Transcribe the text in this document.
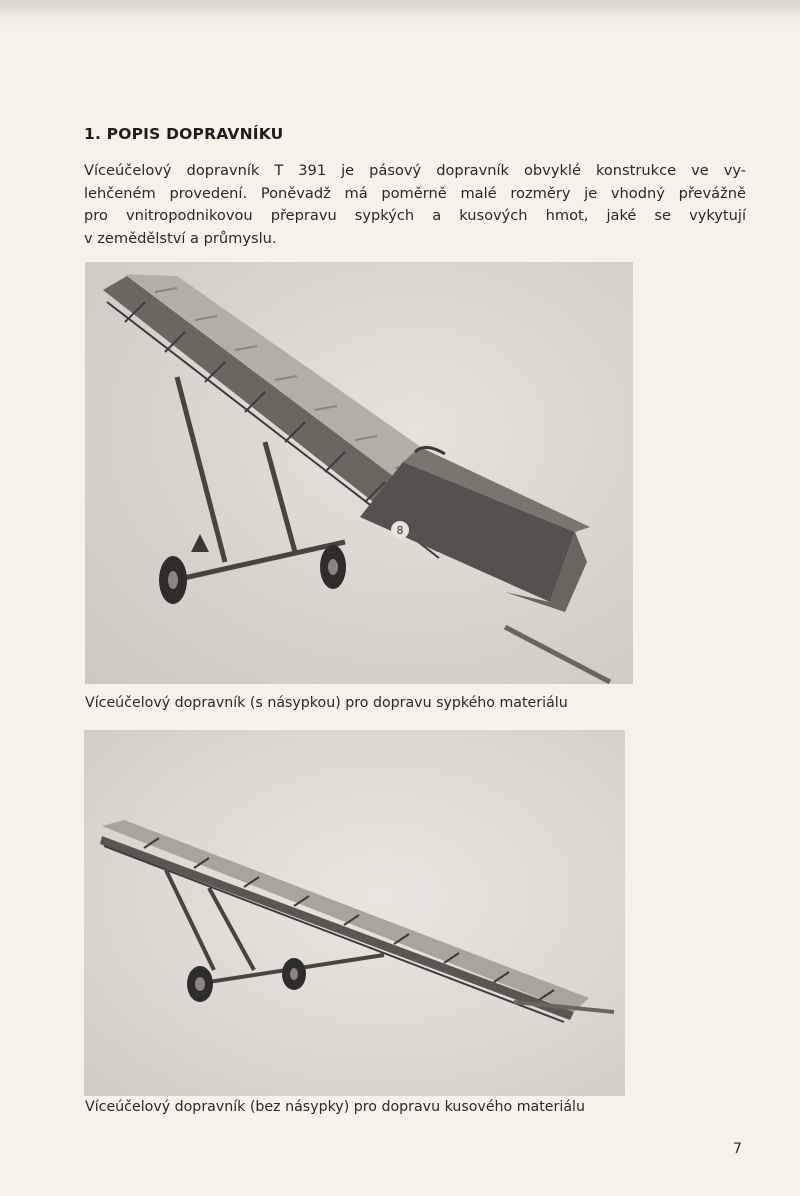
1. POPIS DOPRAVNÍKU

Víceúčelový dopravník T 391 je pásový dopravník obvyklé konstrukce ve vy-
lehčeném provedení. Poněvadž má poměrně malé rozměry je vhodný převážně
pro vnitropodnikovou přepravu sypkých a kusových hmot, jaké se vykytují
v zemědělství a průmyslu.

8
Víceúčelový dopravník (s násypkou) pro dopravu sypkého materiálu
Víceúčelový dopravník (bez násypky) pro dopravu kusového materiálu
7
